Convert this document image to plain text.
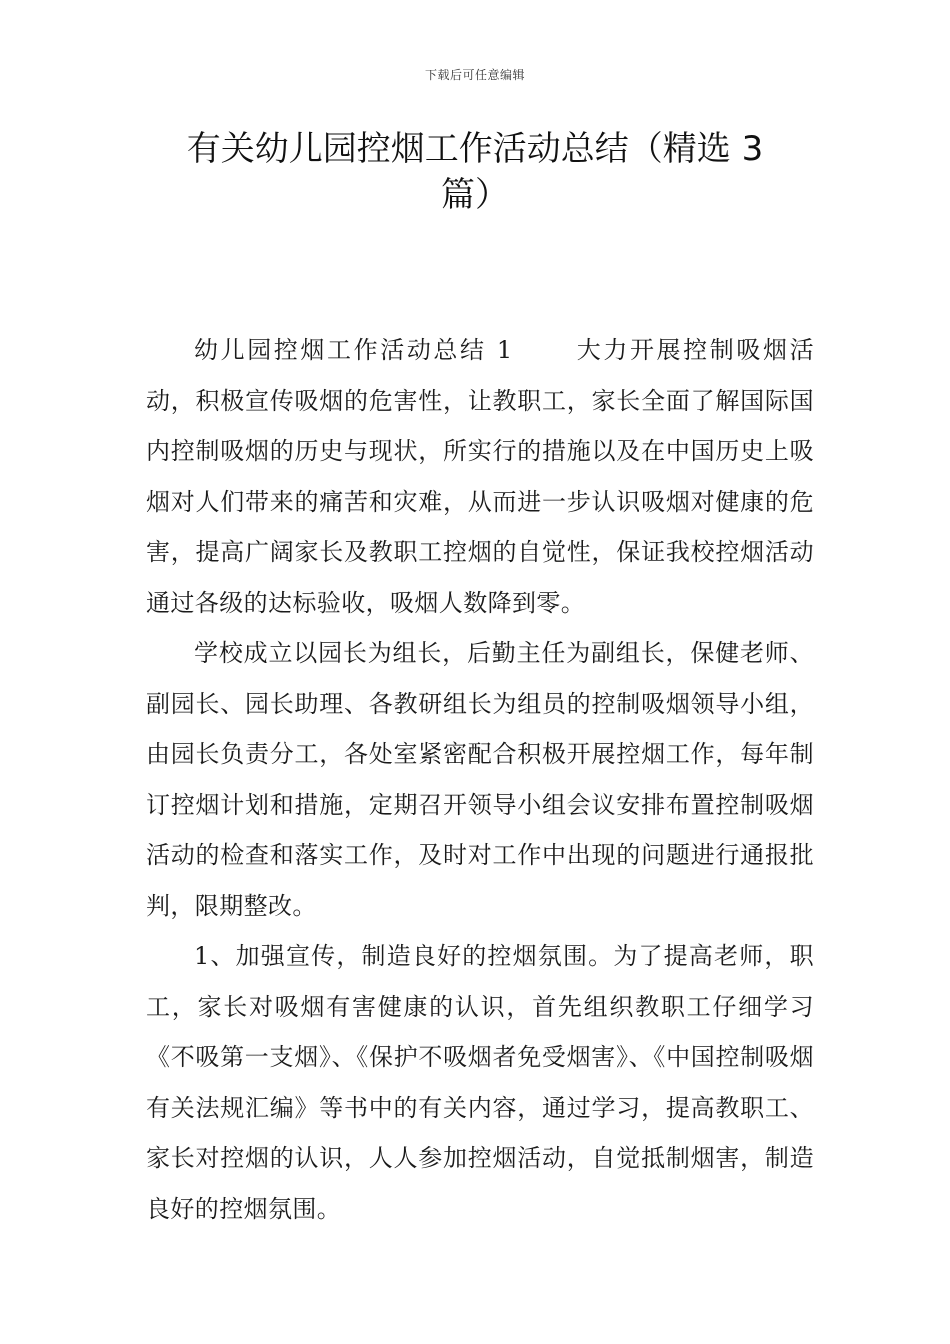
下载后可任意编辑
有关幼儿园控烟工作活动总结（精选 3
篇）

幼儿园控烟工作活动总结 1	大力开展控制吸烟活动，积极宣传吸烟的危害性，让教职工，家长全面了解国际国内控制吸烟的历史与现状，所实行的措施以及在中国历史上吸烟对人们带来的痛苦和灾难，从而进一步认识吸烟对健康的危害，提高广阔家长及教职工控烟的自觉性，保证我校控烟活动通过各级的达标验收，吸烟人数降到零。

学校成立以园长为组长，后勤主任为副组长，保健老师、副园长、园长助理、各教研组长为组员的控制吸烟领导小组，由园长负责分工，各处室紧密配合积极开展控烟工作，每年制订控烟计划和措施，定期召开领导小组会议安排布置控制吸烟活动的检查和落实工作，及时对工作中出现的问题进行通报批判，限期整改。

1、加强宣传，制造良好的控烟氛围。为了提高老师，职工，家长对吸烟有害健康的认识，首先组织教职工仔细学习《不吸第一支烟》、《保护不吸烟者免受烟害》、《中国控制吸烟有关法规汇编》等书中的有关内容，通过学习，提高教职工、家长对控烟的认识，人人参加控烟活动，自觉抵制烟害，制造良好的控烟氛围。
